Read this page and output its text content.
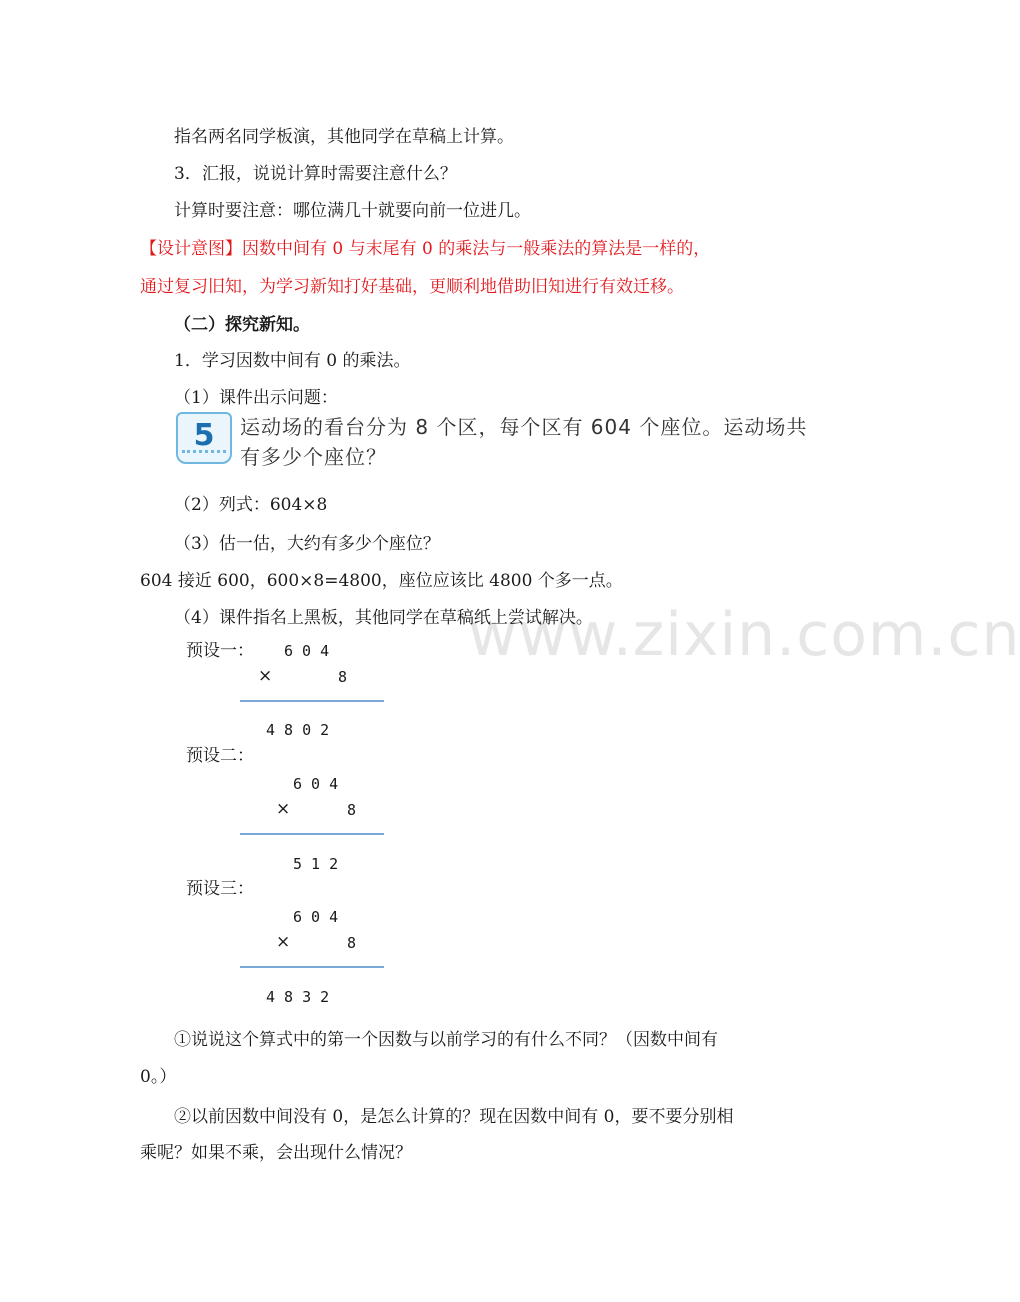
www.zixin.com.cn
指名两名同学板演，其他同学在草稿上计算。
3．汇报，说说计算时需要注意什么？
计算时要注意：哪位满几十就要向前一位进几。
【设计意图】因数中间有 0 与末尾有 0 的乘法与一般乘法的算法是一样的，
通过复习旧知，为学习新知打好基础，更顺利地借助旧知进行有效迁移。
（二）探究新知。
1．学习因数中间有 0 的乘法。
（1）课件出示问题：
5	运动场的看台分为 8 个区，每个区有 604 个座位。运动场共
有多少个座位？
（2）列式：604×8
（3）估一估，大约有多少个座位？
604 接近 600，600×8=4800，座位应该比 4800 个多一点。
（4）课件指名上黑板，其他同学在草稿纸上尝试解决。
预设一： 6 0 4
×	8
4 8 0 2
预设二：
6 0 4
×	8
5 1 2
预设三：
6 0 4
×	8
4 8 3 2
①说说这个算式中的第一个因数与以前学习的有什么不同？（因数中间有
0。）
②以前因数中间没有 0，是怎么计算的？现在因数中间有 0，要不要分别相
乘呢？如果不乘，会出现什么情况？
